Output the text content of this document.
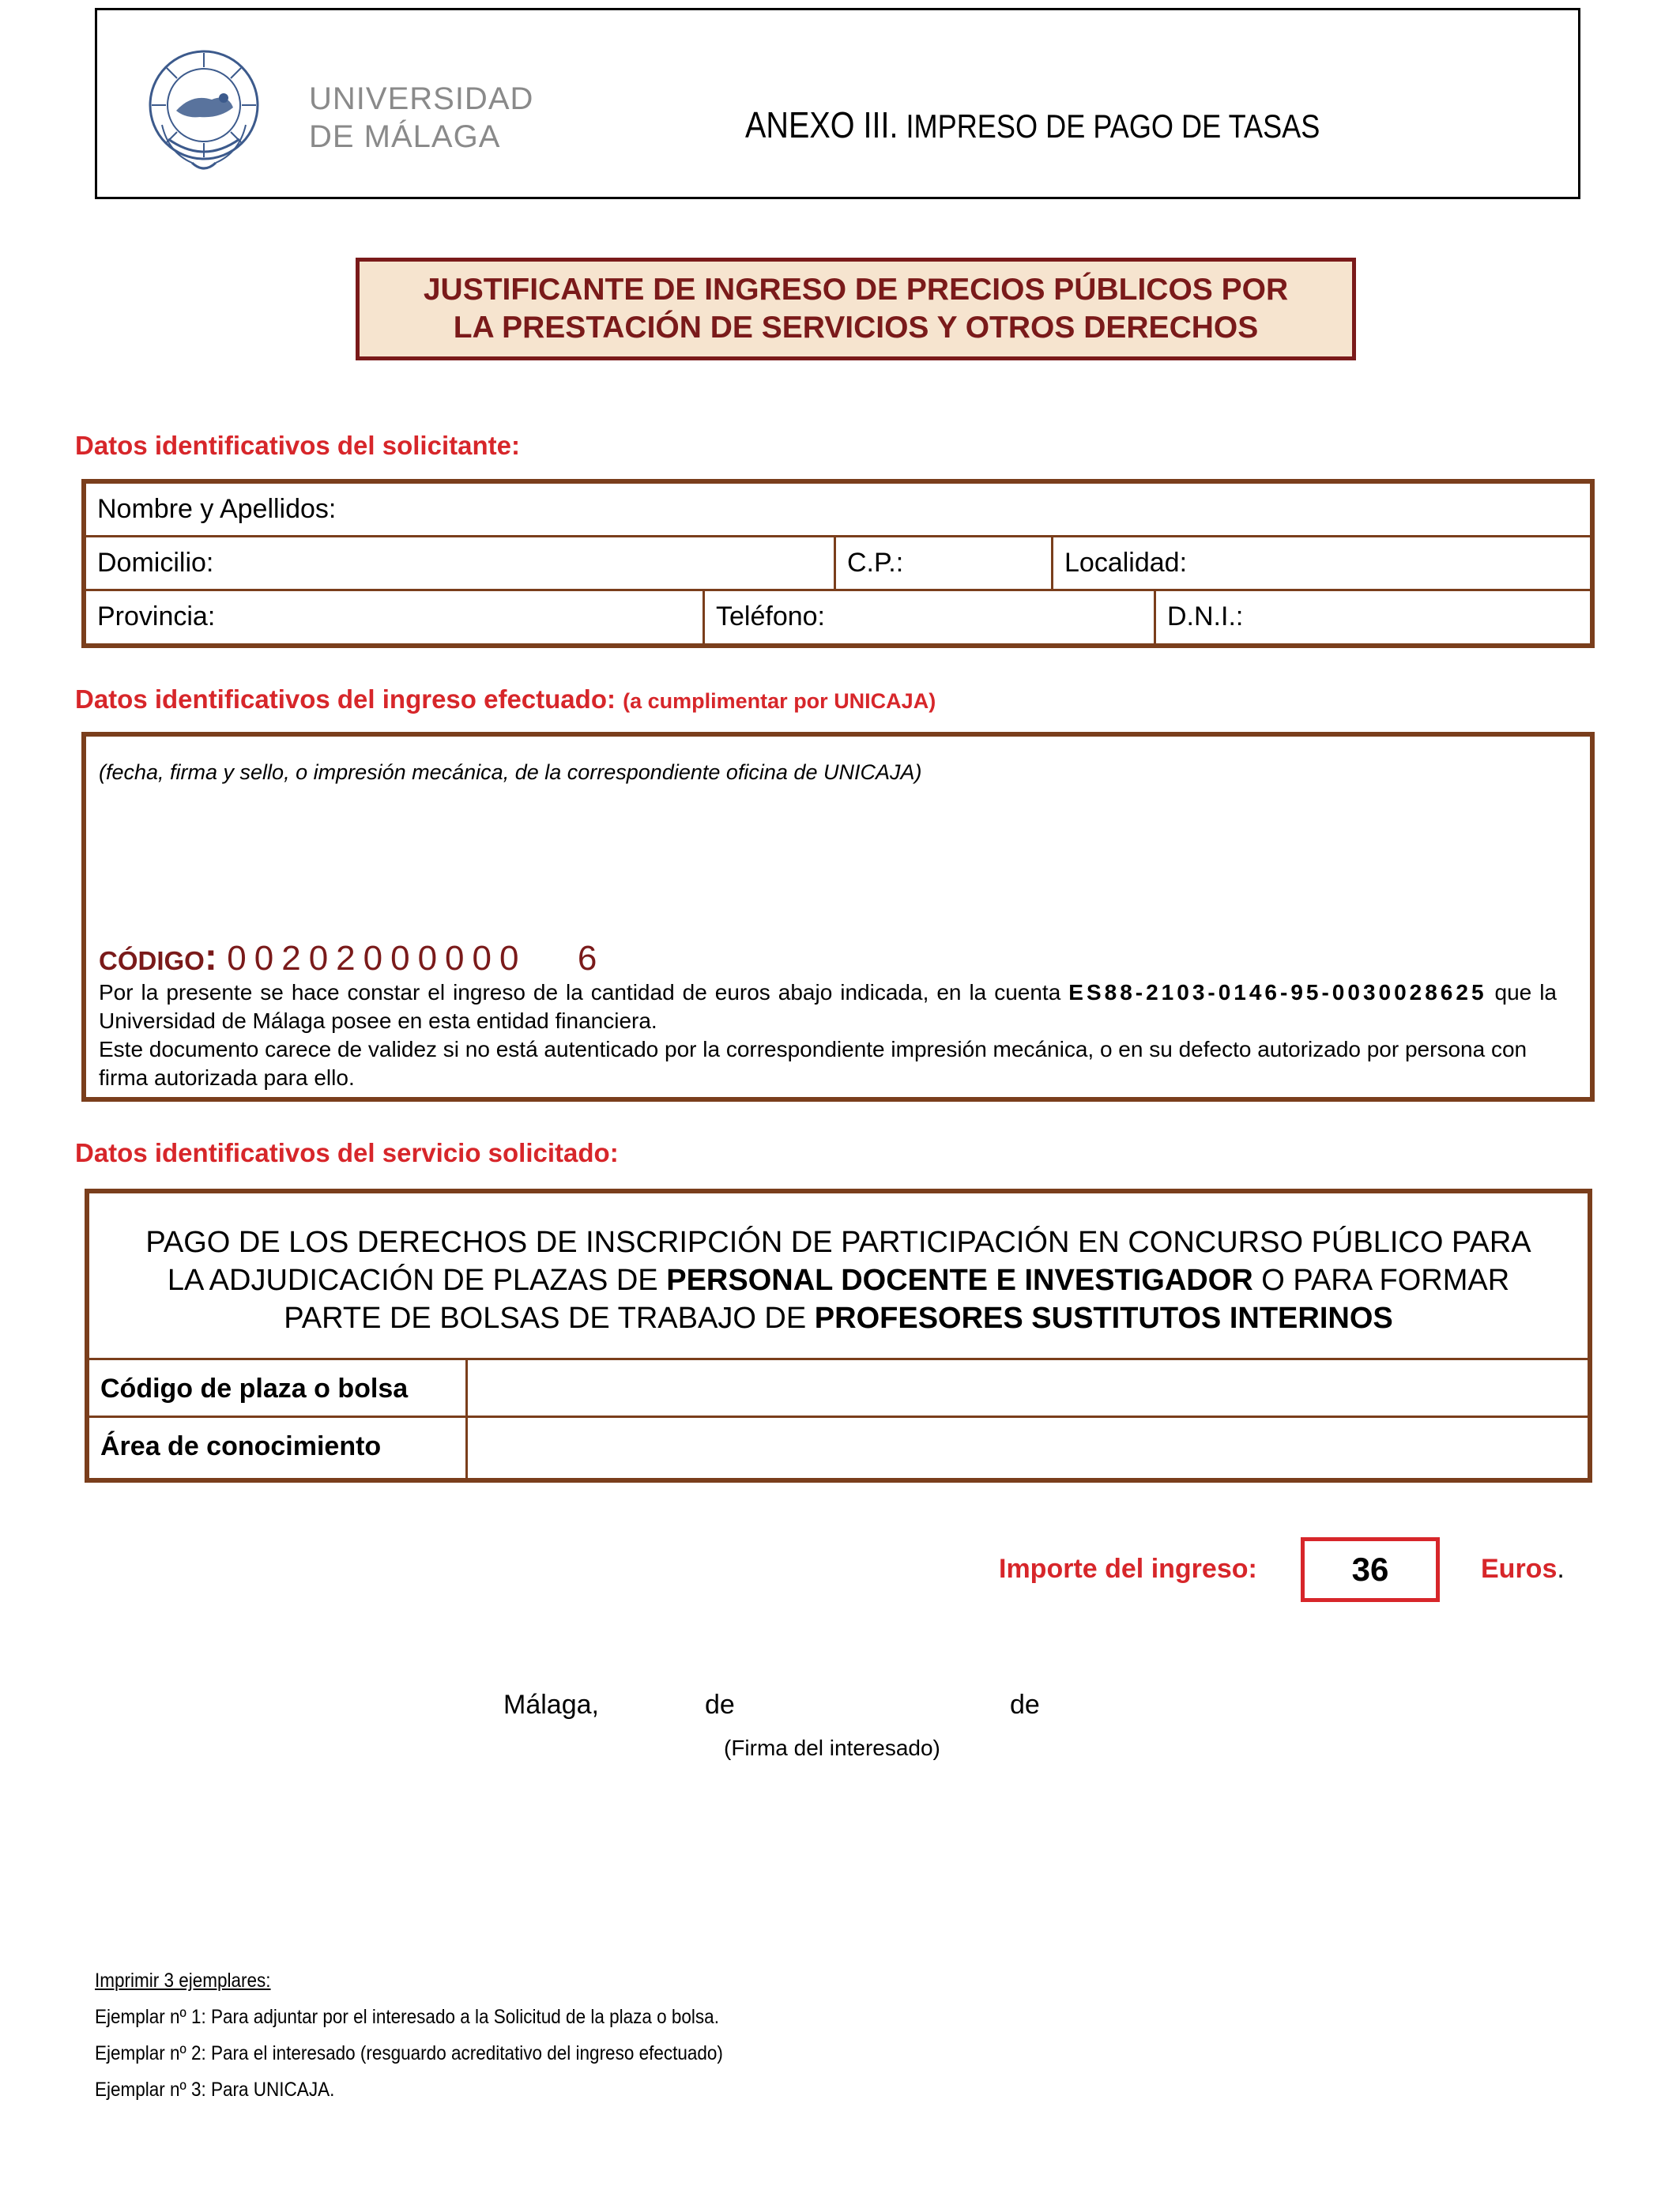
UNIVERSIDAD
DE MÁLAGA	ANEXO III. IMPRESO DE PAGO DE TASAS
JUSTIFICANTE DE INGRESO DE PRECIOS PÚBLICOS POR
LA PRESTACIÓN DE SERVICIOS Y OTROS DERECHOS
Datos identificativos del solicitante:
Nombre y Apellidos:
Domicilio:	C.P.:	Localidad:
Provincia:	Teléfono:	D.N.I.:
Datos identificativos del ingreso efectuado: (a cumplimentar por UNICAJA)
(fecha, firma y sello, o impresión mecánica, de la correspondiente oficina de UNICAJA)
CÓDIGO: 00202000000 6

Por la presente se hace constar el ingreso de la cantidad de euros abajo indicada, en la cuenta ES88-2103-0146-95-0030028625 que la Universidad de Málaga posee en esta entidad financiera.

Este documento carece de validez si no está autenticado por la correspondiente impresión mecánica, o en su defecto autorizado por persona con firma autorizada para ello.

Datos identificativos del servicio solicitado:
PAGO DE LOS DERECHOS DE INSCRIPCIÓN DE PARTICIPACIÓN EN CONCURSO PÚBLICO PARA LA ADJUDICACIÓN DE PLAZAS DE PERSONAL DOCENTE E INVESTIGADOR O PARA FORMAR PARTE DE BOLSAS DE TRABAJO DE PROFESORES SUSTITUTOS INTERINOS
Código de plaza o bolsa
Área de conocimiento
Importe del ingreso:	36	Euros.
Málaga,	de	de
(Firma del interesado)
Imprimir 3 ejemplares:
Ejemplar nº 1: Para adjuntar por el interesado a la Solicitud de la plaza o bolsa.
Ejemplar nº 2: Para el interesado (resguardo acreditativo del ingreso efectuado)
Ejemplar nº 3: Para UNICAJA.
